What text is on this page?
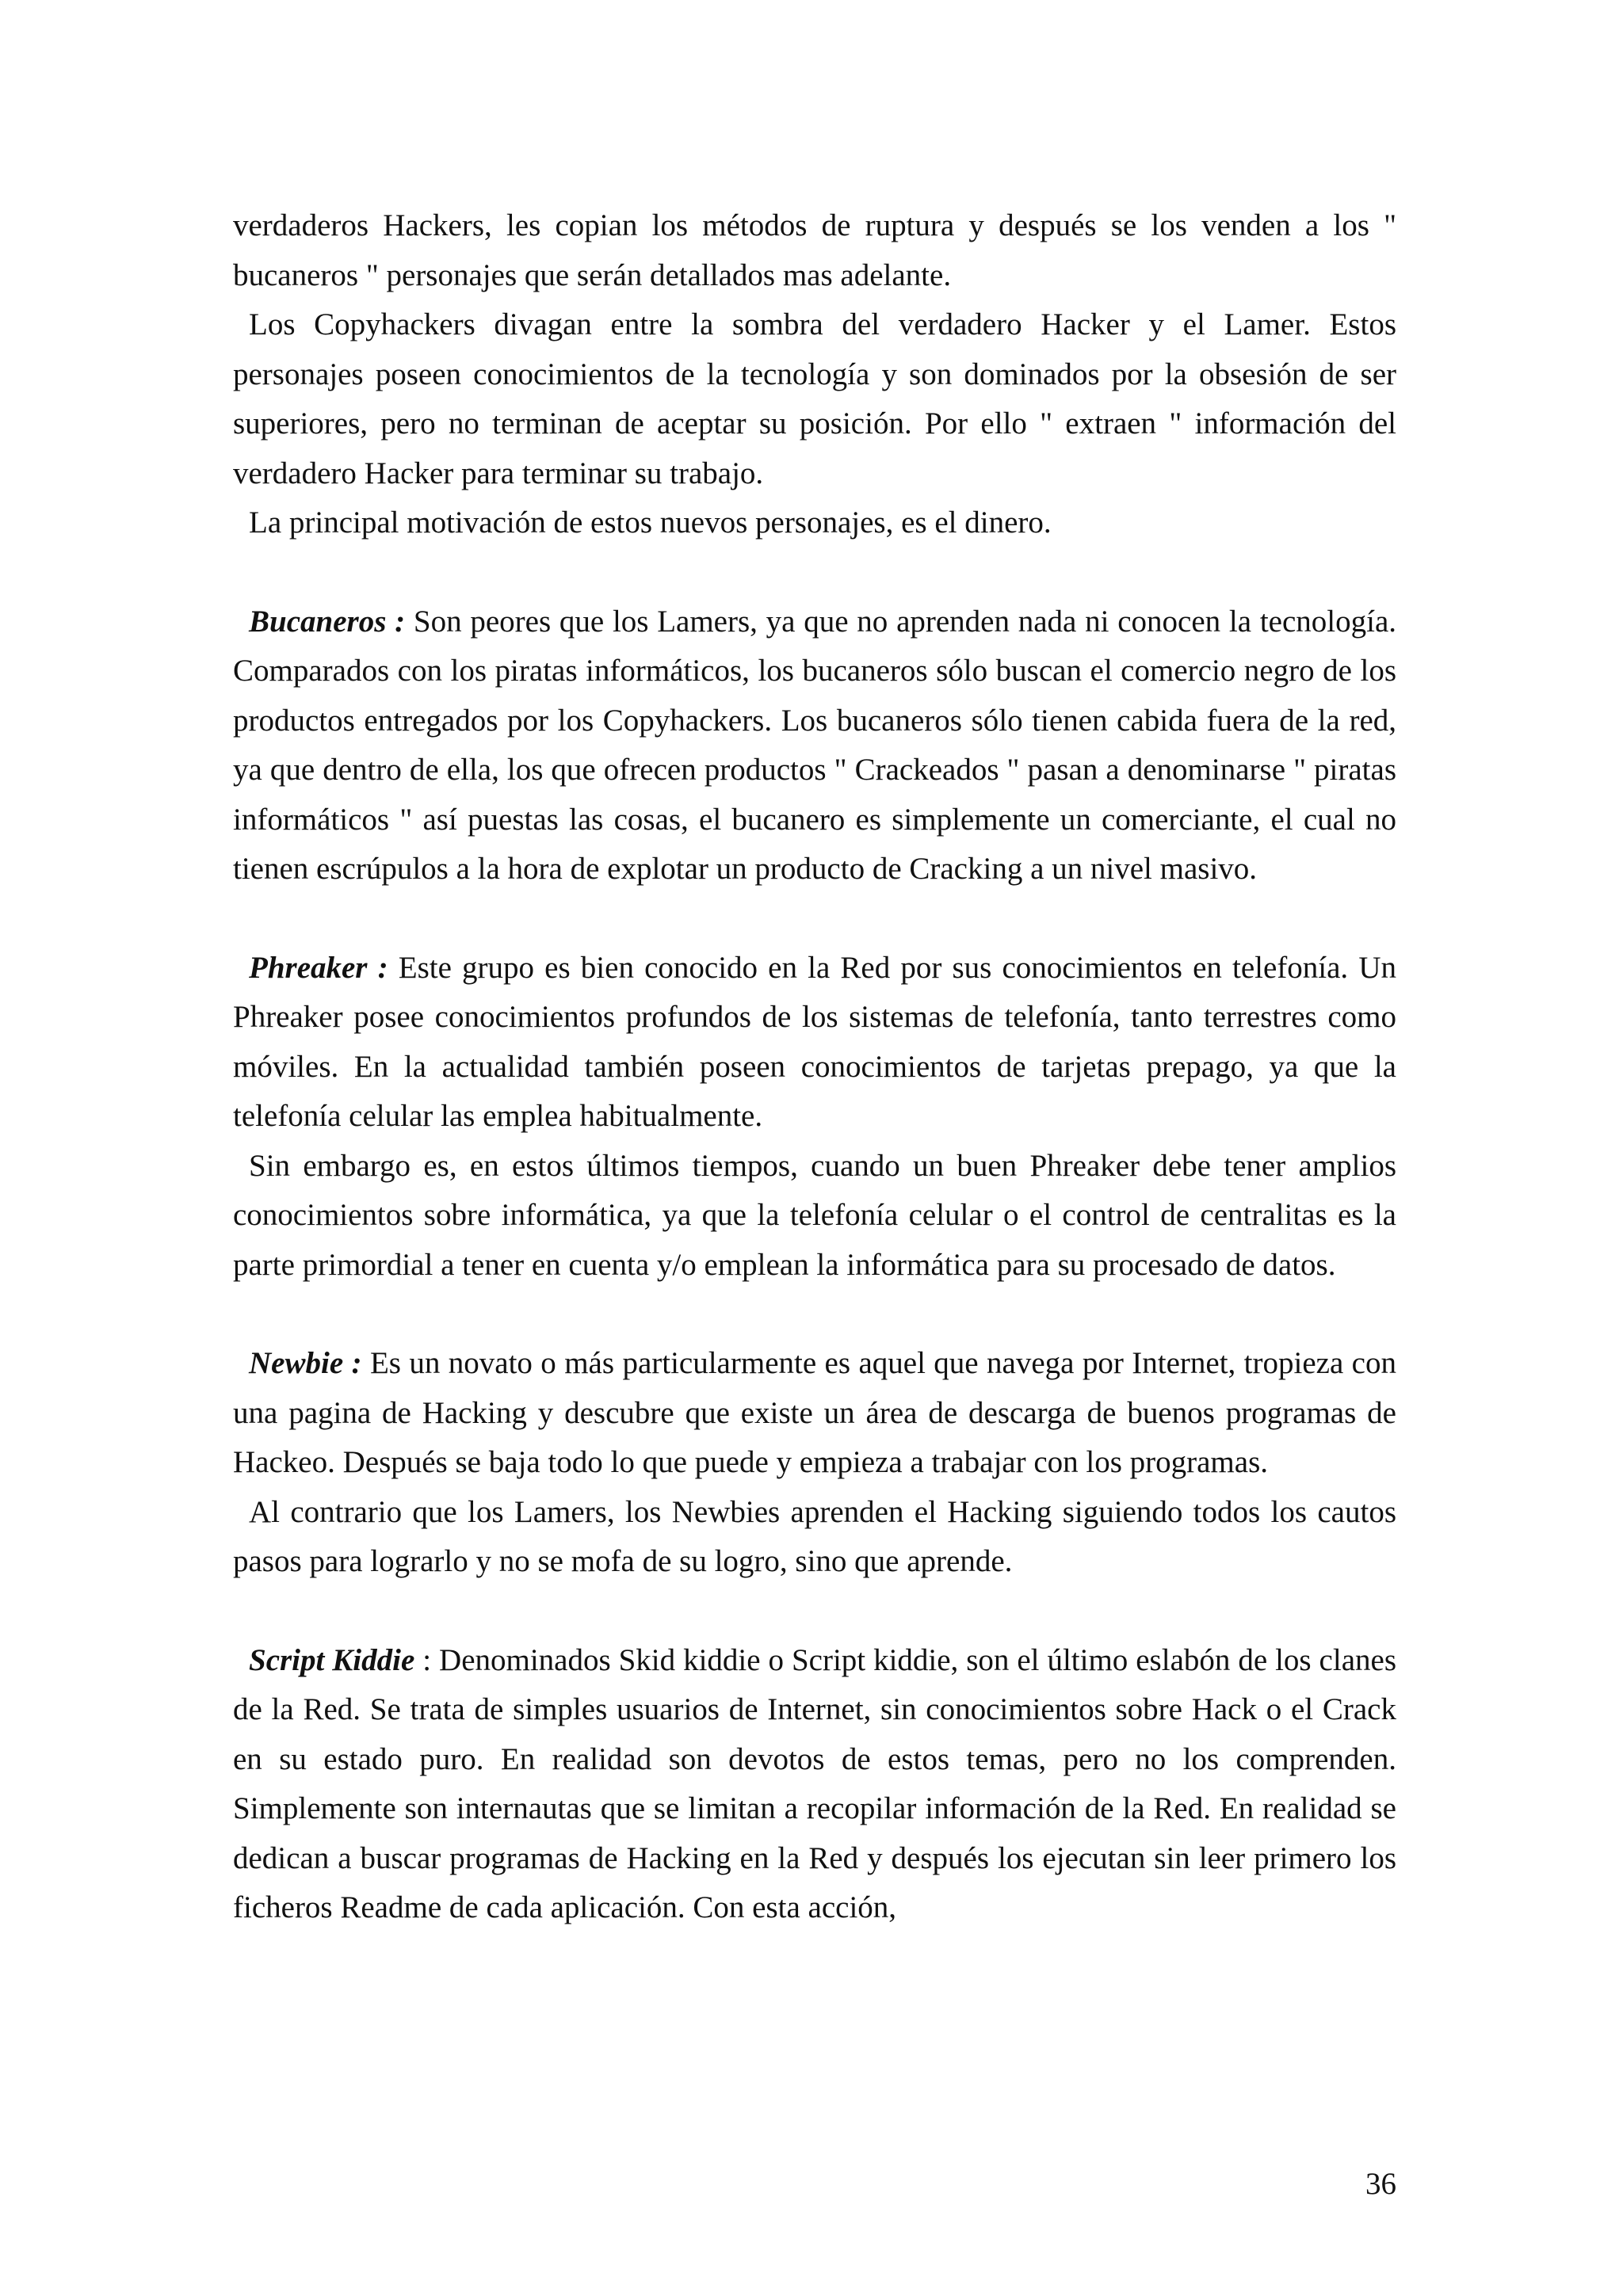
verdaderos Hackers, les copian los métodos de ruptura y después se los venden a los " bucaneros " personajes que serán detallados mas adelante.

Los Copyhackers divagan entre la sombra del verdadero Hacker y el Lamer. Estos personajes poseen conocimientos de la tecnología y son dominados por la obsesión de ser superiores, pero no terminan de aceptar su posición. Por ello " extraen " información del verdadero Hacker para terminar su trabajo.

La principal motivación de estos nuevos personajes, es el dinero.

Bucaneros : Son peores que los Lamers, ya que no aprenden nada ni conocen la tecnología. Comparados con los piratas informáticos, los bucaneros sólo buscan el comercio negro de los productos entregados por los Copyhackers. Los bucaneros sólo tienen cabida fuera de la red, ya que dentro de ella, los que ofrecen productos " Crackeados " pasan a denominarse " piratas informáticos " así puestas las cosas, el bucanero es simplemente un comerciante, el cual no tienen escrúpulos a la hora de explotar un producto de Cracking a un nivel masivo.

Phreaker : Este grupo es bien conocido en la Red por sus conocimientos en telefonía. Un Phreaker posee conocimientos profundos de los sistemas de telefonía, tanto terrestres como móviles. En la actualidad también poseen conocimientos de tarjetas prepago, ya que la telefonía celular las emplea habitualmente.

Sin embargo es, en estos últimos tiempos, cuando un buen Phreaker debe tener amplios conocimientos sobre informática, ya que la telefonía celular o el control de centralitas es la parte primordial a tener en cuenta y/o emplean la informática para su procesado de datos.

Newbie : Es un novato o más particularmente es aquel que navega por Internet, tropieza con una pagina de Hacking y descubre que existe un área de descarga de buenos programas de Hackeo. Después se baja todo lo que puede y empieza a trabajar con los programas.

Al contrario que los Lamers, los Newbies aprenden el Hacking siguiendo todos los cautos pasos para lograrlo y no se mofa de su logro, sino que aprende.

Script Kiddie : Denominados Skid kiddie o Script kiddie, son el último eslabón de los clanes de la Red. Se trata de simples usuarios de Internet, sin conocimientos sobre Hack o el Crack en su estado puro. En realidad son devotos de estos temas, pero no los comprenden. Simplemente son internautas que se limitan a recopilar información de la Red. En realidad se dedican a buscar programas de Hacking en la Red y después los ejecutan sin leer primero los ficheros Readme de cada aplicación. Con esta acción,

36
